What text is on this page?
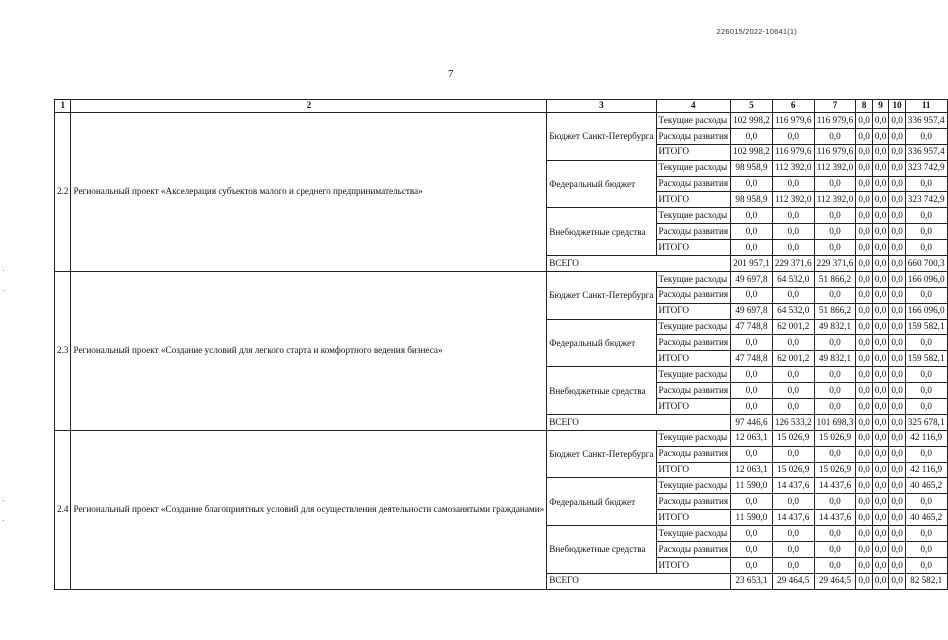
226015/2022-10641(1)
7
1	2	3	4	5	6	7	8	9	10	11
2.2	Региональный проект «Акселерация субъектов малого и среднего предпринимательства»	Бюджет Санкт-Петербурга	Текущие расходы	102 998,2	116 979,6	116 979,6	0,0	0,0	0,0	336 957,4
			Расходы развития	0,0	0,0	0,0	0,0	0,0	0,0	0,0
			ИТОГО	102 998,2	116 979,6	116 979,6	0,0	0,0	0,0	336 957,4
		Федеральный бюджет	Текущие расходы	98 958,9	112 392,0	112 392,0	0,0	0,0	0,0	323 742,9
			Расходы развития	0,0	0,0	0,0	0,0	0,0	0,0	0,0
			ИТОГО	98 958,9	112 392,0	112 392,0	0,0	0,0	0,0	323 742,9
		Внебюджетные средства	Текущие расходы	0,0	0,0	0,0	0,0	0,0	0,0	0,0
			Расходы развития	0,0	0,0	0,0	0,0	0,0	0,0	0,0
			ИТОГО	0,0	0,0	0,0	0,0	0,0	0,0	0,0
		ВСЕГО		201 957,1	229 371,6	229 371,6	0,0	0,0	0,0	660 700,3
2.3	Региональный проект «Создание условий для легкого старта и комфортного ведения бизнеса»	Бюджет Санкт-Петербурга	Текущие расходы	49 697,8	64 532,0	51 866,2	0,0	0,0	0,0	166 096,0
			Расходы развития	0,0	0,0	0,0	0,0	0,0	0,0	0,0
			ИТОГО	49 697,8	64 532,0	51 866,2	0,0	0,0	0,0	166 096,0
		Федеральный бюджет	Текущие расходы	47 748,8	62 001,2	49 832,1	0,0	0,0	0,0	159 582,1
			Расходы развития	0,0	0,0	0,0	0,0	0,0	0,0	0,0
			ИТОГО	47 748,8	62 001,2	49 832,1	0,0	0,0	0,0	159 582,1
		Внебюджетные средства	Текущие расходы	0,0	0,0	0,0	0,0	0,0	0,0	0,0
			Расходы развития	0,0	0,0	0,0	0,0	0,0	0,0	0,0
			ИТОГО	0,0	0,0	0,0	0,0	0,0	0,0	0,0
		ВСЕГО		97 446,6	126 533,2	101 698,3	0,0	0,0	0,0	325 678,1
2.4	Региональный проект «Создание благоприятных условий для осуществления деятельности самозанятыми гражданами»	Бюджет Санкт-Петербурга	Текущие расходы	12 063,1	15 026,9	15 026,9	0,0	0,0	0,0	42 116,9
			Расходы развития	0,0	0,0	0,0	0,0	0,0	0,0	0,0
			ИТОГО	12 063,1	15 026,9	15 026,9	0,0	0,0	0,0	42 116,9
		Федеральный бюджет	Текущие расходы	11 590,0	14 437,6	14 437,6	0,0	0,0	0,0	40 465,2
			Расходы развития	0,0	0,0	0,0	0,0	0,0	0,0	0,0
			ИТОГО	11 590,0	14 437,6	14 437,6	0,0	0,0	0,0	40 465,2
		Внебюджетные средства	Текущие расходы	0,0	0,0	0,0	0,0	0,0	0,0	0,0
			Расходы развития	0,0	0,0	0,0	0,0	0,0	0,0	0,0
			ИТОГО	0,0	0,0	0,0	0,0	0,0	0,0	0,0
		ВСЕГО		23 653,1	29 464,5	29 464,5	0,0	0,0	0,0	82 582,1
